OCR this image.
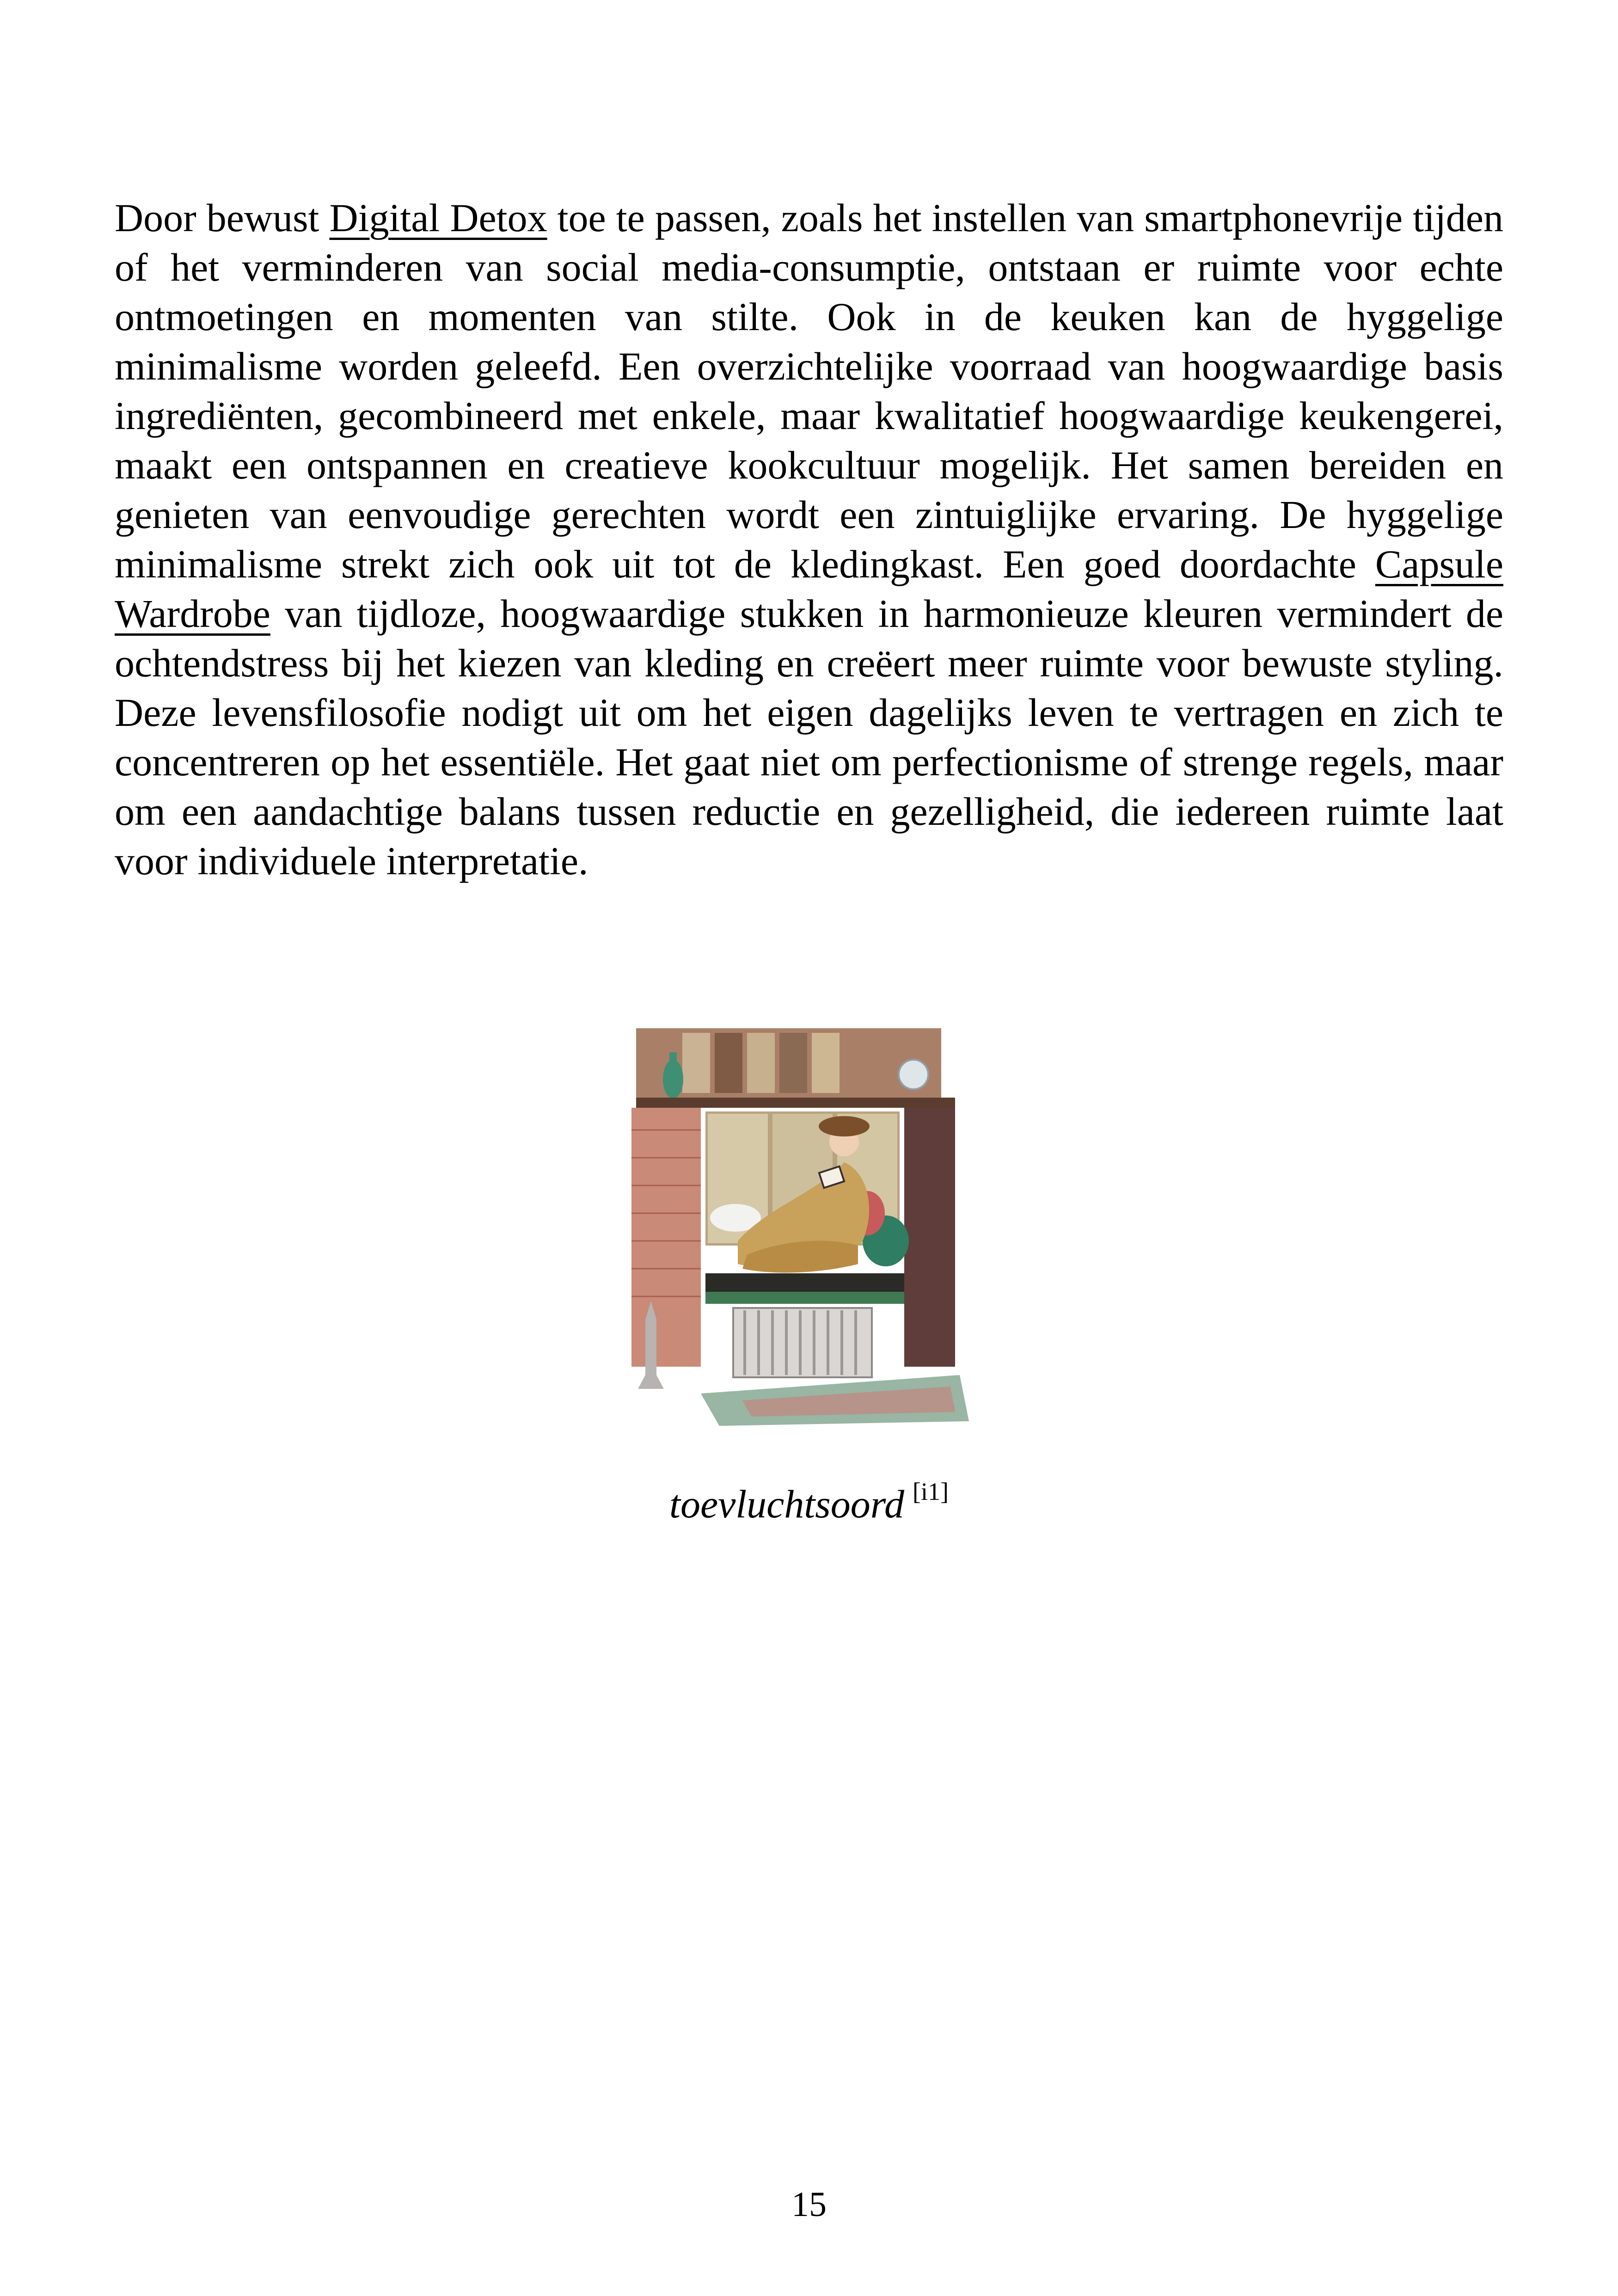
Door bewust Digital Detox toe te passen, zoals het instellen van smartphonevrije tijden of het verminderen van social media-consumptie, ontstaan er ruimte voor echte ontmoetingen en momenten van stilte. Ook in de keuken kan de hyggelige minimalisme worden geleefd. Een overzichtelijke voorraad van hoogwaardige basis ingrediënten, gecombineerd met enkele, maar kwalitatief hoogwaardige keukengerei, maakt een ontspannen en creatieve kookcultuur mogelijk. Het samen bereiden en genieten van eenvoudige gerechten wordt een zintuiglijke ervaring. De hyggelige minimalisme strekt zich ook uit tot de kledingkast. Een goed doordachte Capsule Wardrobe van tijdloze, hoogwaardige stukken in harmonieuze kleuren vermindert de ochtendstress bij het kiezen van kleding en creëert meer ruimte voor bewuste styling. Deze levensfilosofie nodigt uit om het eigen dagelijks leven te vertragen en zich te concentreren op het essentiële. Het gaat niet om perfectionisme of strenge regels, maar om een aandachtige balans tussen reductie en gezelligheid, die iedereen ruimte laat voor individuele interpretatie.

toevluchtsoord [i1]

15
